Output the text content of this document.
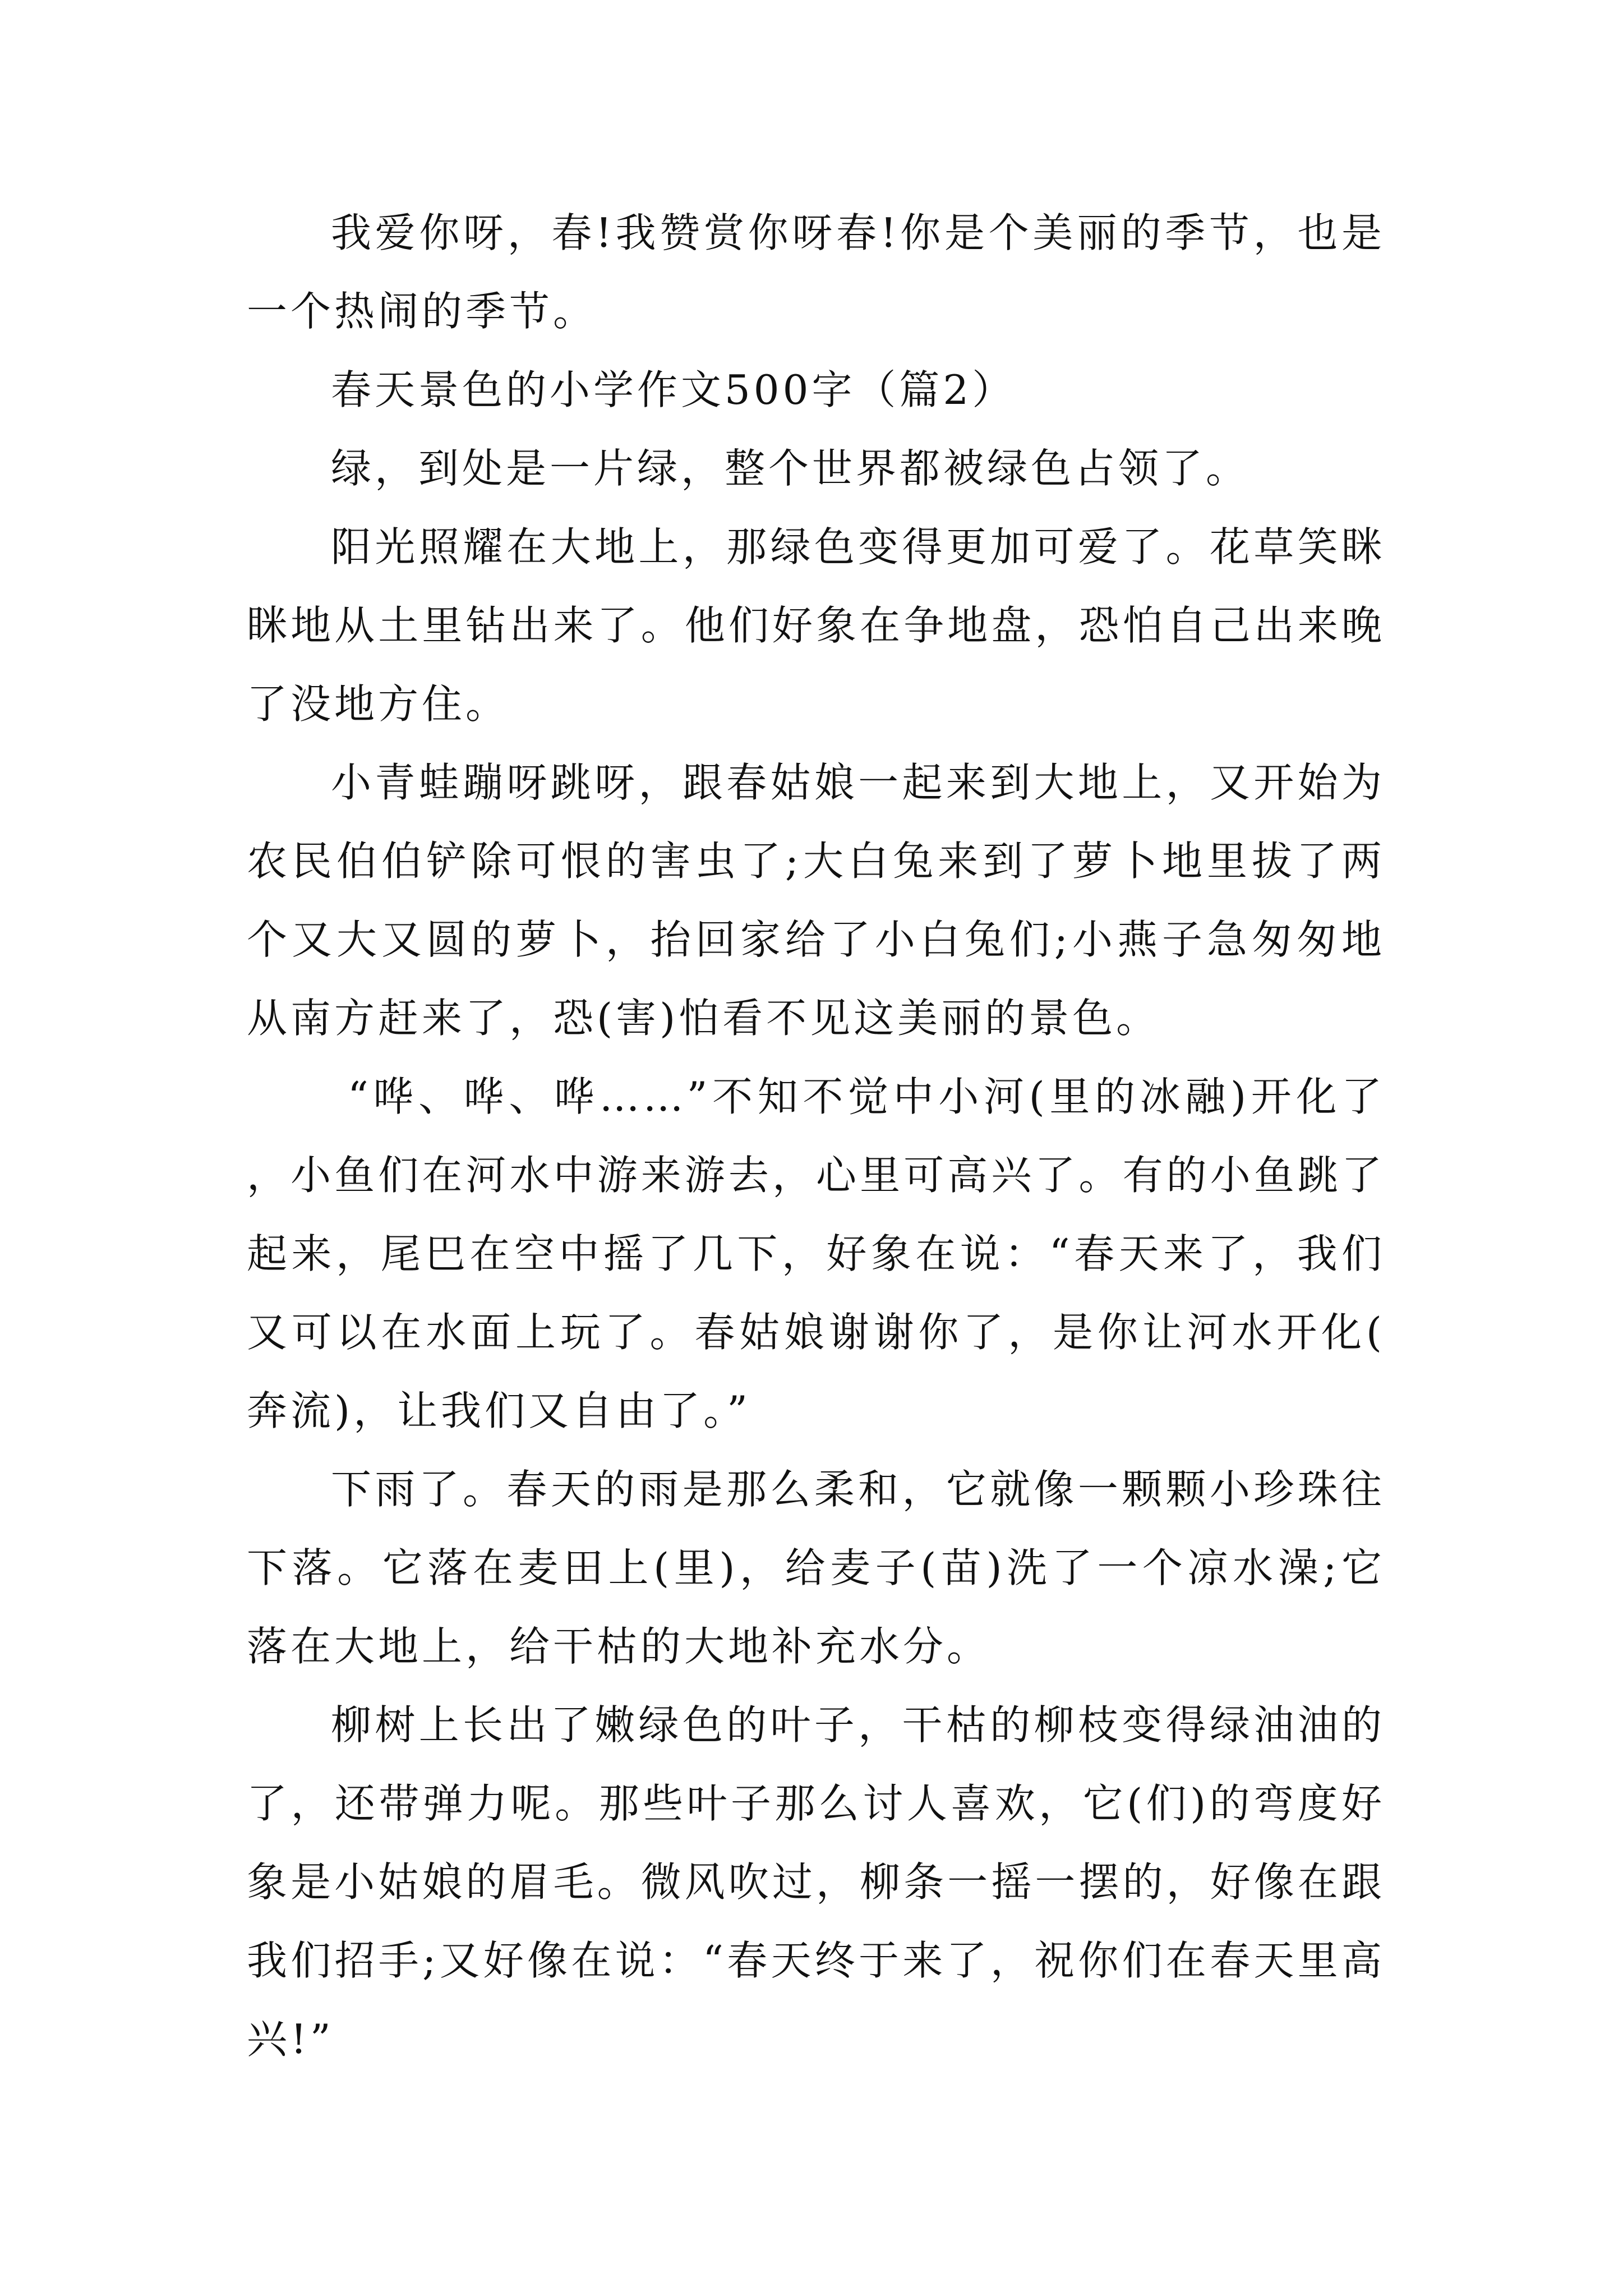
我爱你呀，春!我赞赏你呀春!你是个美丽的季节，也是一个热闹的季节。

春天景色的小学作文500字（篇2）

绿，到处是一片绿，整个世界都被绿色占领了。

阳光照耀在大地上，那绿色变得更加可爱了。花草笑眯眯地从土里钻出来了。他们好象在争地盘，恐怕自己出来晚了没地方住。

小青蛙蹦呀跳呀，跟春姑娘一起来到大地上，又开始为农民伯伯铲除可恨的害虫了;大白兔来到了萝卜地里拔了两个又大又圆的萝卜，抬回家给了小白兔们;小燕子急匆匆地从南方赶来了，恐(害)怕看不见这美丽的景色。

“哗、哗、哗……”不知不觉中小河(里的冰融)开化了，小鱼们在河水中游来游去，心里可高兴了。有的小鱼跳了起来，尾巴在空中摇了几下，好象在说：“春天来了，我们又可以在水面上玩了。春姑娘谢谢你了，是你让河水开化(奔流)，让我们又自由了。”

下雨了。春天的雨是那么柔和，它就像一颗颗小珍珠往下落。它落在麦田上(里)，给麦子(苗)洗了一个凉水澡;它落在大地上，给干枯的大地补充水分。

柳树上长出了嫩绿色的叶子，干枯的柳枝变得绿油油的了，还带弹力呢。那些叶子那么讨人喜欢，它(们)的弯度好象是小姑娘的眉毛。微风吹过，柳条一摇一摆的，好像在跟我们招手;又好像在说：“春天终于来了，祝你们在春天里高兴!”
